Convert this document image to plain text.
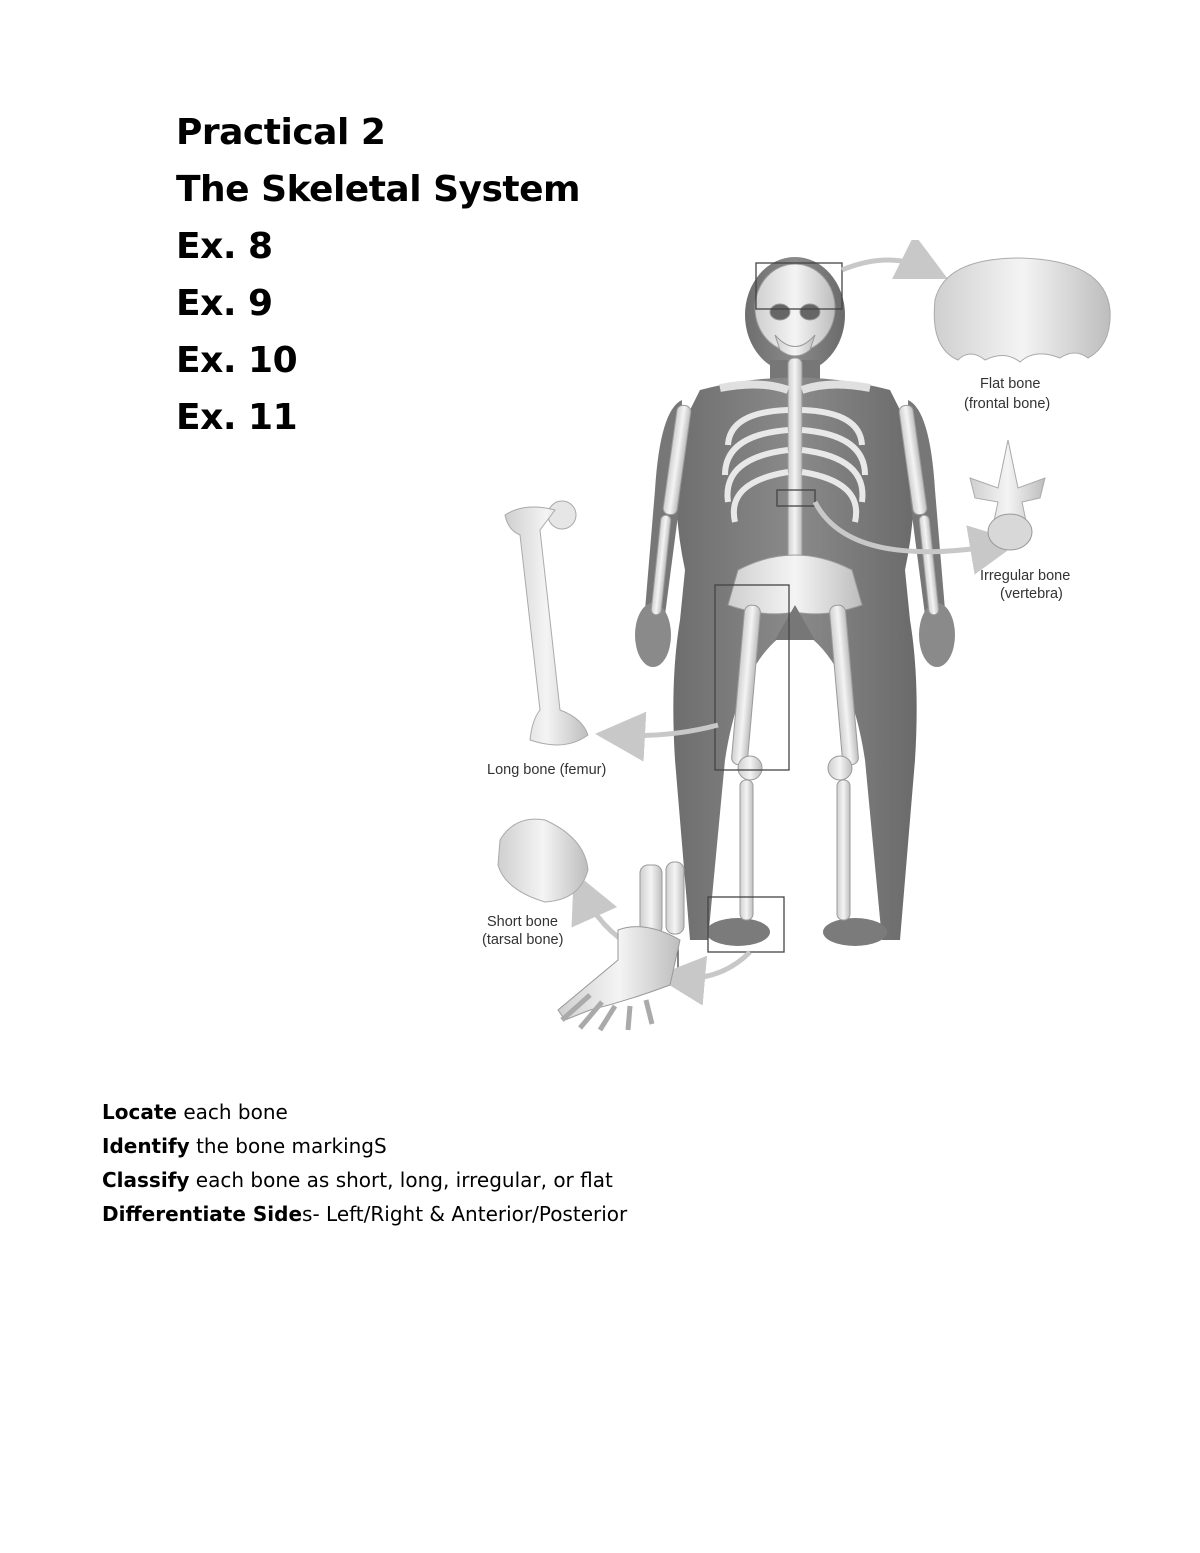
Practical 2
The Skeletal System
Ex. 8
Ex. 9
Ex. 10
Ex. 11
Flat bone
(frontal bone)
Irregular bone
(vertebra)
Long bone (femur)
Short bone
(tarsal bone)
Locate each bone
Identify the bone markingS
Classify each bone as short, long, irregular, or flat
Differentiate Sides- Left/Right & Anterior/Posterior
